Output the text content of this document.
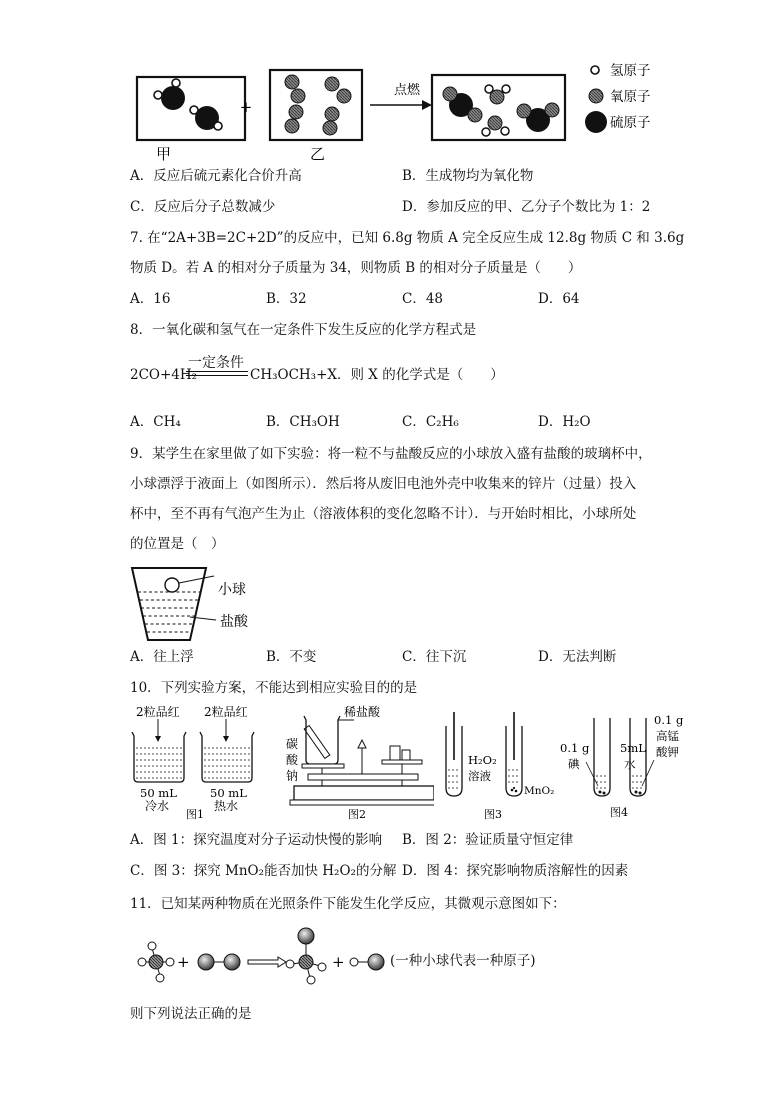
+
点燃
甲	乙
氢原子
氧原子
硫原子
A．反应后硫元素化合价升高	B．生成物均为氧化物
C．反应后分子总数减少	D．参加反应的甲、乙分子个数比为 1：2
7. 在“2A+3B=2C+2D”的反应中，已知 6.8g 物质 A 完全反应生成 12.8g 物质 C 和 3.6g
物质 D。若 A 的相对分子质量为 34，则物质 B 的相对分子质量是（　　）
A．16	B．32	C．48	D．64
8．一氧化碳和氢气在一定条件下发生反应的化学方程式是
一定条件
2CO+4H₂	CH₃OCH₃+X．则 X 的化学式是（　　）
A．CH₄	B．CH₃OH	C．C₂H₆	D．H₂O
9．某学生在家里做了如下实验：将一粒不与盐酸反应的小球放入盛有盐酸的玻璃杯中，
小球漂浮于液面上（如图所示）．然后将从废旧电池外壳中收集来的锌片（过量）投入
杯中，至不再有气泡产生为止（溶液体积的变化忽略不计）．与开始时相比，小球所处
的位置是（　）
小球
盐酸
A．往上浮	B．不变	C．往下沉	D．无法判断
10．下列实验方案，不能达到相应实验目的的是
2粒品红 2粒品红
50 mL	50 mL
冷水	热水
图1
稀盐酸
碳
酸
钠
图2
H₂O₂
溶液
MnO₂
图3
0.1 g
碘
5mL
水
0.1 g
高锰
酸钾
图4
A．图 1：探究温度对分子运动快慢的影响 B．图 2：验证质量守恒定律
C．图 3：探究 MnO₂能否加快 H₂O₂的分解 D．图 4：探究影响物质溶解性的因素
11．已知某两种物质在光照条件下能发生化学反应，其微观示意图如下：
+	+	(一种小球代表一种原子)
则下列说法正确的是
